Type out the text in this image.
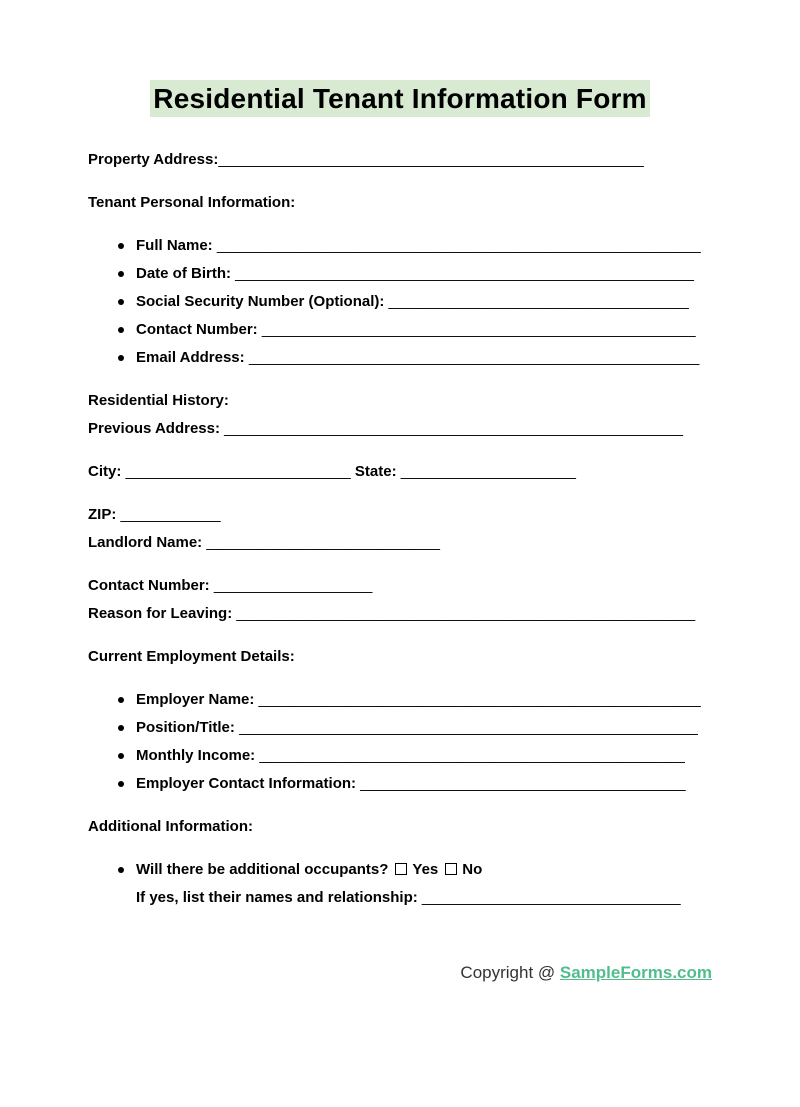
Residential Tenant Information Form
Property Address:___________________________________________________
Tenant Personal Information:
Full Name: __________________________________________________________
Date of Birth: _______________________________________________________
Social Security Number (Optional): ____________________________________
Contact Number: ____________________________________________________
Email Address: ______________________________________________________
Residential History:
Previous Address: _______________________________________________________
City: ___________________________ State: _____________________
ZIP: ____________
Landlord Name: ____________________________
Contact Number: ___________________
Reason for Leaving: _______________________________________________________
Current Employment Details:
Employer Name: _____________________________________________________
Position/Title: _______________________________________________________
Monthly Income: ___________________________________________________
Employer Contact Information: _______________________________________
Additional Information:
Will there be additional occupants? Yes No
If yes, list their names and relationship: _______________________________
Copyright @ SampleForms.com
